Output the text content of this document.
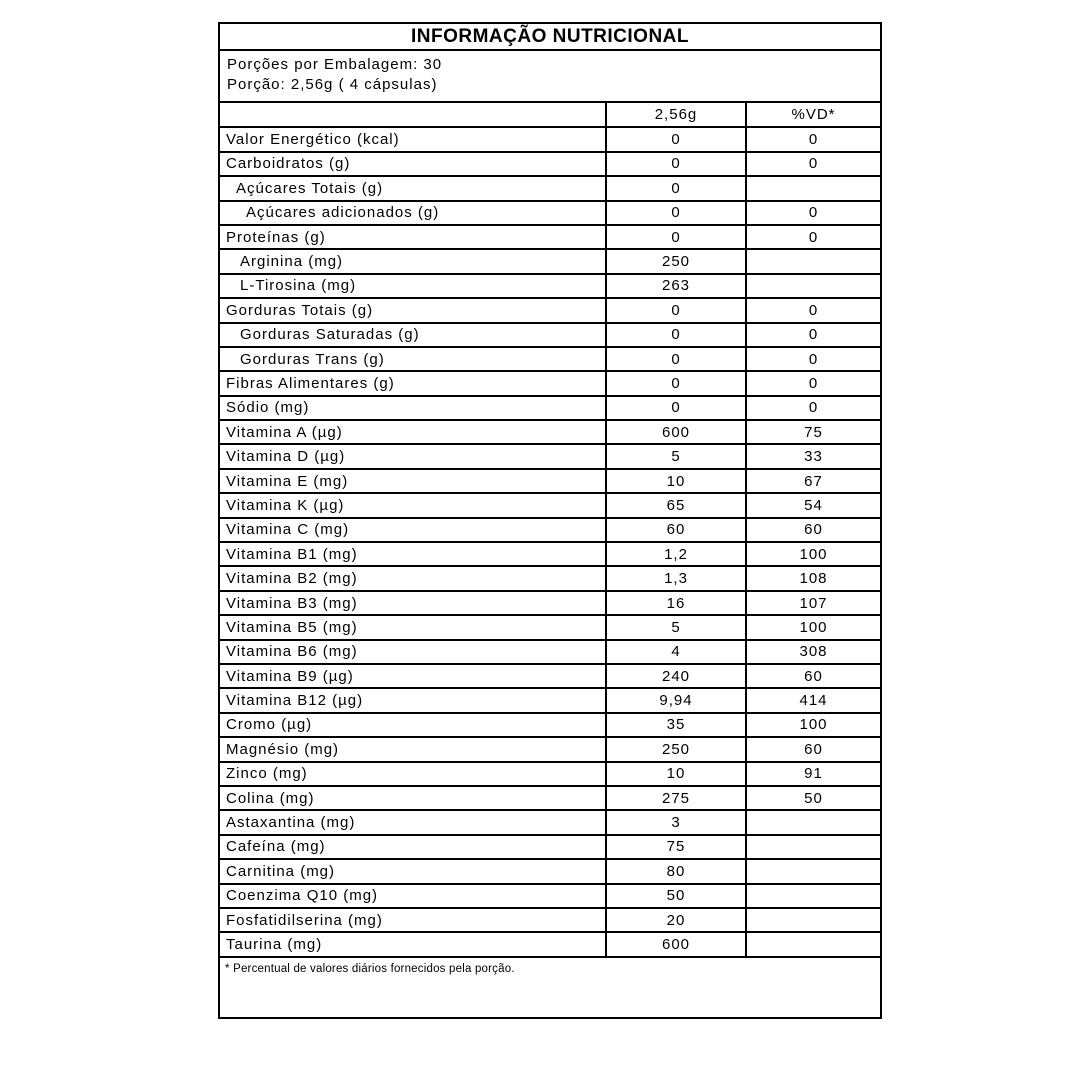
INFORMAÇÃO NUTRICIONAL
Porções por Embalagem: 30
Porção: 2,56g ( 4 cápsulas)
	2,56g	%VD*
Valor Energético (kcal)	0	0
Carboidratos (g)	0	0
Açúcares Totais (g)	0	
Açúcares adicionados (g)	0	0
Proteínas (g)	0	0
Arginina (mg)	250	
L-Tirosina (mg)	263	
Gorduras Totais (g)	0	0
Gorduras Saturadas (g)	0	0
Gorduras Trans (g)	0	0
Fibras Alimentares (g)	0	0
Sódio (mg)	0	0
Vitamina A (µg)	600	75
Vitamina D (µg)	5	33
Vitamina E (mg)	10	67
Vitamina K (µg)	65	54
Vitamina C (mg)	60	60
Vitamina B1 (mg)	1,2	100
Vitamina B2 (mg)	1,3	108
Vitamina B3 (mg)	16	107
Vitamina B5 (mg)	5	100
Vitamina B6 (mg)	4	308
Vitamina B9 (µg)	240	60
Vitamina B12 (µg)	9,94	414
Cromo (µg)	35	100
Magnésio (mg)	250	60
Zinco (mg)	10	91
Colina (mg)	275	50
Astaxantina (mg)	3	
Cafeína (mg)	75	
Carnitina (mg)	80	
Coenzima Q10 (mg)	50	
Fosfatidilserina (mg)	20	
Taurina (mg)	600	
* Percentual de valores diários fornecidos pela porção.
